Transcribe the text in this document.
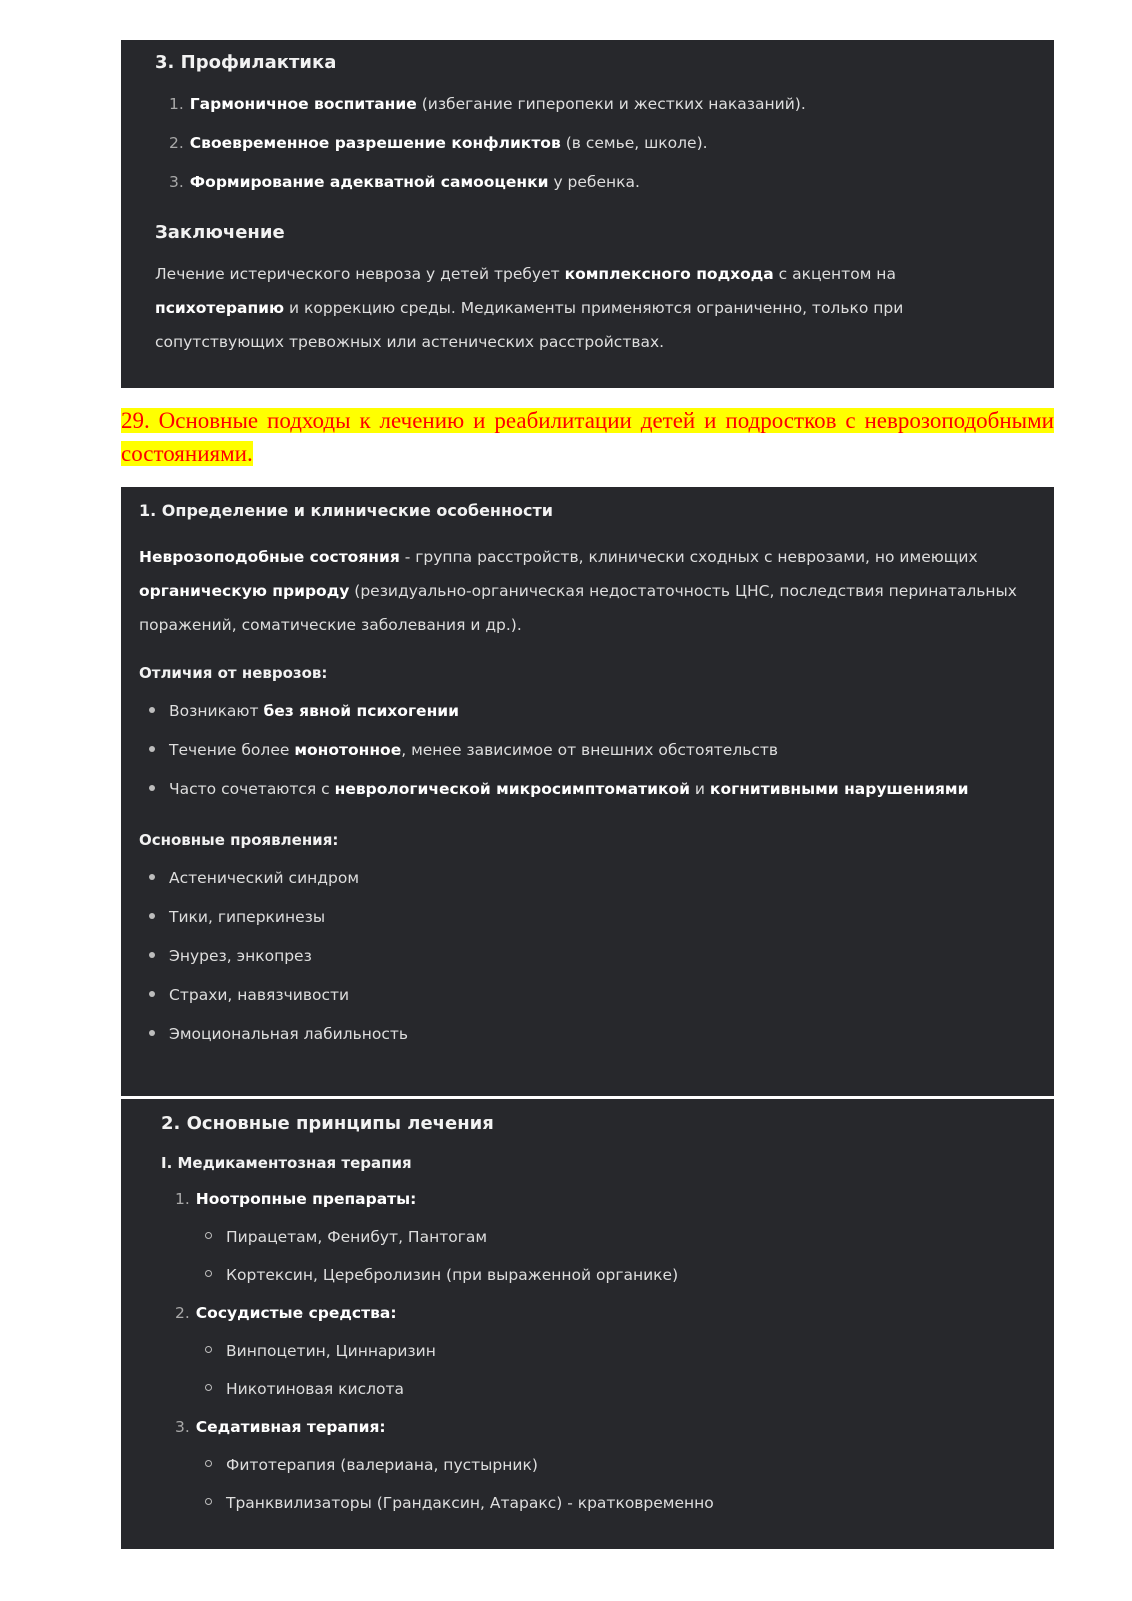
3. Профилактика

1. Гармоничное воспитание (избегание гиперопеки и жестких наказаний).
2. Своевременное разрешение конфликтов (в семье, школе).
3. Формирование адекватной самооценки у ребенка.

Заключение

Лечение истерического невроза у детей требует комплексного подхода с акцентом на психотерапию и коррекцию среды. Медикаменты применяются ограниченно, только при сопутствующих тревожных или астенических расстройствах.

29. Основные подходы к лечению и реабилитации детей и подростков с неврозоподобными состояниями.

1. Определение и клинические особенности

Неврозоподобные состояния - группа расстройств, клинически сходных с неврозами, но имеющих органическую природу (резидуально-органическая недостаточность ЦНС, последствия перинатальных поражений, соматические заболевания и др.).

Отличия от неврозов:

Возникают без явной психогении
Течение более монотонное, менее зависимое от внешних обстоятельств
Часто сочетаются с неврологической микросимптоматикой и когнитивными нарушениями

Основные проявления:

Астенический синдром
Тики, гиперкинезы
Энурез, энкопрез
Страхи, навязчивости
Эмоциональная лабильность

2. Основные принципы лечения

I. Медикаментозная терапия

1. Ноотропные препараты:
Пирацетам, Фенибут, Пантогам
Кортексин, Церебролизин (при выраженной органике)
2. Сосудистые средства:
Винпоцетин, Циннаризин
Никотиновая кислота
3. Седативная терапия:
Фитотерапия (валериана, пустырник)
Транквилизаторы (Грандаксин, Атаракс) - кратковременно
